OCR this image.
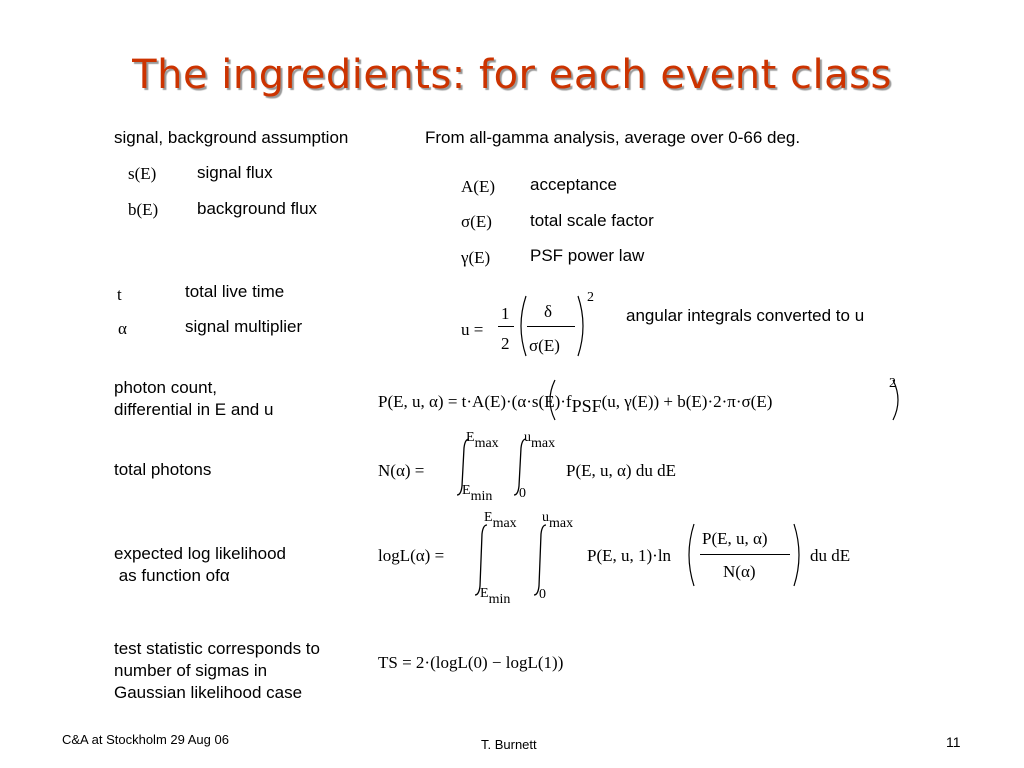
The ingredients: for each event class
signal, background assumption
s(E) signal flux
b(E) background flux
t	total live time
α	signal multiplier
photon count,
differential in E and u
total photons
expected log likelihood
as function ofα
test statistic corresponds to
number of sigmas in
Gaussian likelihood case
From all-gamma analysis, average over 0-66 deg.
A(E) acceptance
σ(E) total scale factor
γ(E) PSF power law
u =
1
2
δ
σ(E)
2
angular integrals converted to u
P(E, u, α) = t·A(E)·(α·s(E)·fPSF(u, γ(E)) + b(E)·2·π·σ(E)
2
N(α) =
Emax
Emin
umax
0
P(E, u, α) du dE
logL(α) =
Emax
Emin
umax
0
P(E, u, 1)·ln
P(E, u, α)
N(α)
du dE
TS = 2·(logL(0) − logL(1))
C&A at Stockholm 29 Aug 06	T. Burnett	11
